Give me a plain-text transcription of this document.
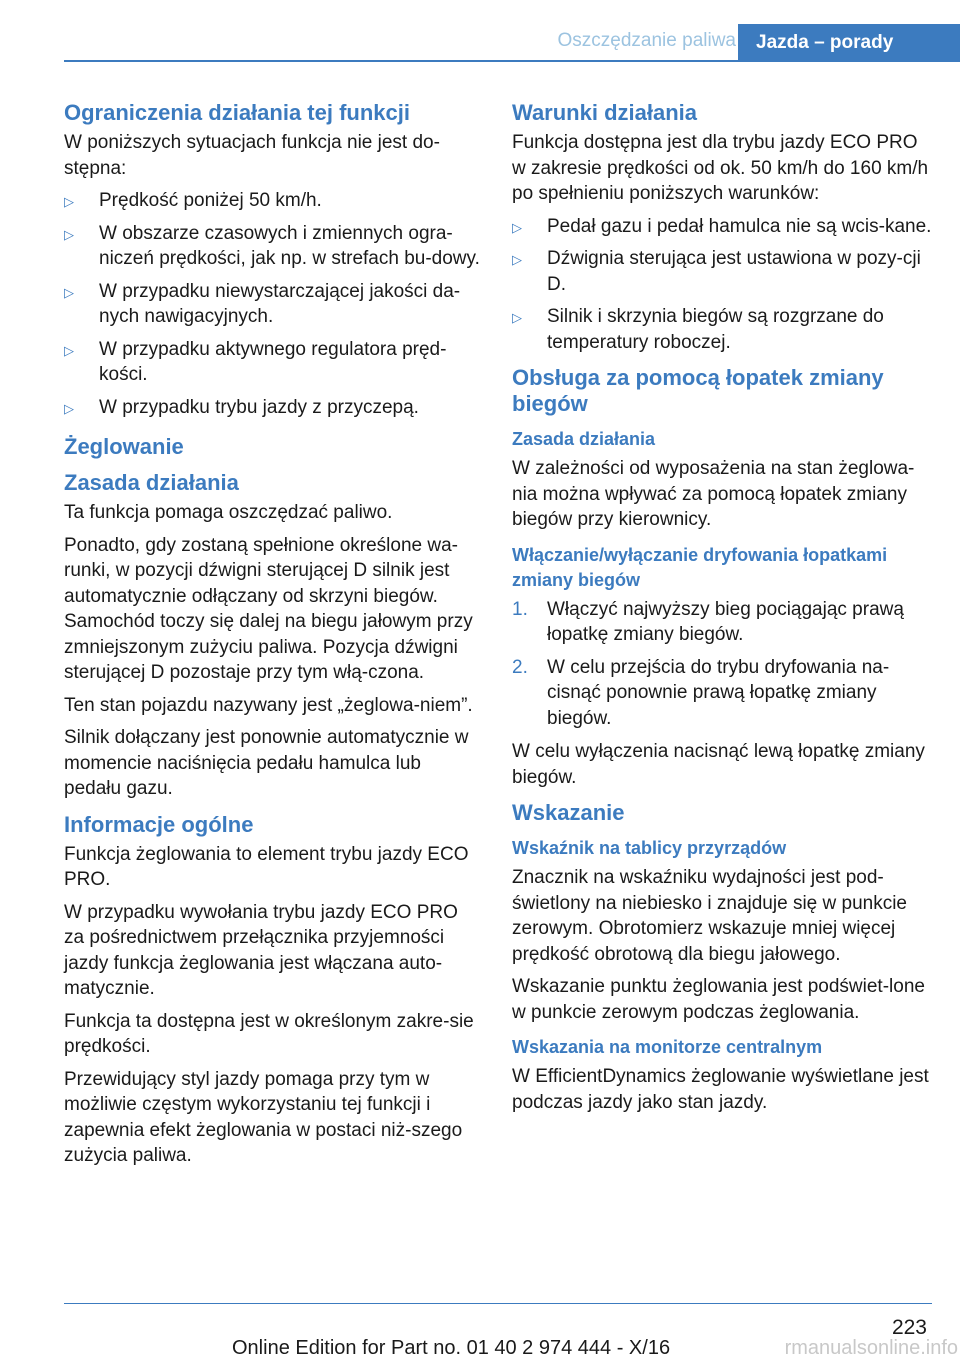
Oszczędzanie paliwa	Jazda – porady
Ograniczenia działania tej funkcji
W poniższych sytuacjach funkcja nie jest do-stępna:
▷ Prędkość poniżej 50 km/h.
▷ W obszarze czasowych i zmiennych ogra-niczeń prędkości, jak np. w strefach bu-dowy.
▷ W przypadku niewystarczającej jakości da-nych nawigacyjnych.
▷ W przypadku aktywnego regulatora pręd-kości.
▷ W przypadku trybu jazdy z przyczepą.
Żeglowanie
Zasada działania
Ta funkcja pomaga oszczędzać paliwo.
Ponadto, gdy zostaną spełnione określone wa-runki, w pozycji dźwigni sterującej D silnik jest automatycznie odłączany od skrzyni biegów. Samochód toczy się dalej na biegu jałowym przy zmniejszonym zużyciu paliwa. Pozycja dźwigni sterującej D pozostaje przy tym włą-czona.
Ten stan pojazdu nazywany jest „żeglowa-niem”.
Silnik dołączany jest ponownie automatycznie w momencie naciśnięcia pedału hamulca lub pedału gazu.
Informacje ogólne
Funkcja żeglowania to element trybu jazdy ECO PRO.
W przypadku wywołania trybu jazdy ECO PRO za pośrednictwem przełącznika przyjemności jazdy funkcja żeglowania jest włączana auto-matycznie.
Funkcja ta dostępna jest w określonym zakre-sie prędkości.
Przewidujący styl jazdy pomaga przy tym w możliwie częstym wykorzystaniu tej funkcji i zapewnia efekt żeglowania w postaci niż-szego zużycia paliwa.
Warunki działania
Funkcja dostępna jest dla trybu jazdy ECO PRO w zakresie prędkości od ok. 50 km/h do 160 km/h po spełnieniu poniższych warunków:
▷ Pedał gazu i pedał hamulca nie są wcis-kane.
▷ Dźwignia sterująca jest ustawiona w pozy-cji D.
▷ Silnik i skrzynia biegów są rozgrzane do temperatury roboczej.
Obsługa za pomocą łopatek zmiany biegów
Zasada działania
W zależności od wyposażenia na stan żeglowa-nia można wpływać za pomocą łopatek zmiany biegów przy kierownicy.
Włączanie/wyłączanie dryfowania łopatkami zmiany biegów
1. Włączyć najwyższy bieg pociągając prawą łopatkę zmiany biegów.
2. W celu przejścia do trybu dryfowania na-cisnąć ponownie prawą łopatkę zmiany biegów.
W celu wyłączenia nacisnąć lewą łopatkę zmiany biegów.
Wskazanie
Wskaźnik na tablicy przyrządów
Znacznik na wskaźniku wydajności jest pod-świetlony na niebiesko i znajduje się w punkcie zerowym. Obrotomierz wskazuje mniej więcej prędkość obrotową dla biegu jałowego.
Wskazanie punktu żeglowania jest podświet-lone w punkcie zerowym podczas żeglowania.
Wskazania na monitorze centralnym
W EfficientDynamics żeglowanie wyświetlane jest podczas jazdy jako stan jazdy.
223
Online Edition for Part no. 01 40 2 974 444 - X/16	rmanualsonline.info
